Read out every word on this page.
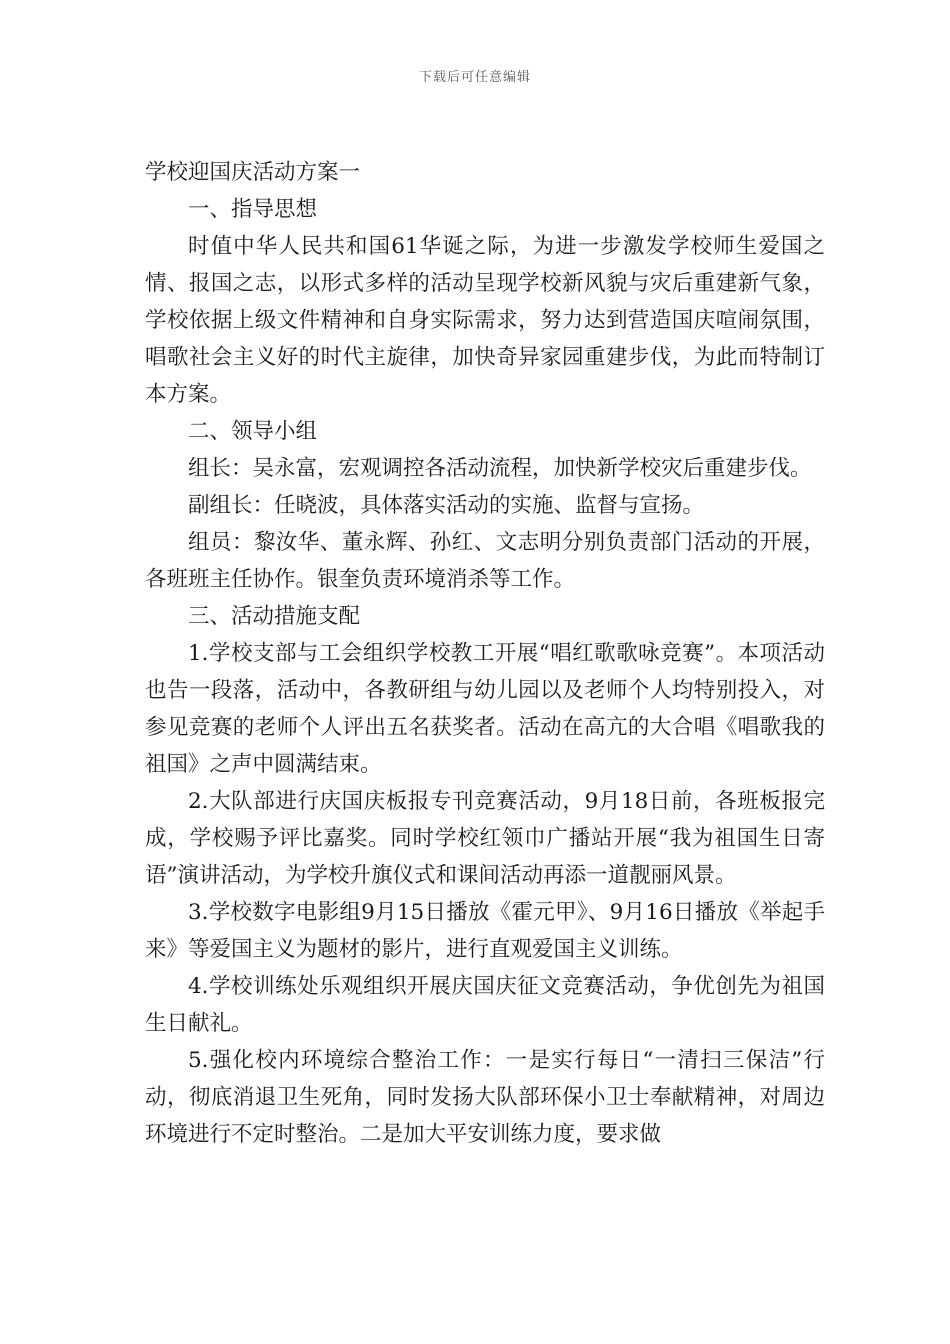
下载后可任意编辑

学校迎国庆活动方案一

一、指导思想

时值中华人民共和国61华诞之际，为进一步激发学校师生爱国之情、报国之志，以形式多样的活动呈现学校新风貌与灾后重建新气象，学校依据上级文件精神和自身实际需求，努力达到营造国庆喧闹氛围，唱歌社会主义好的时代主旋律，加快奇异家园重建步伐，为此而特制订本方案。

二、领导小组

组长：吴永富，宏观调控各活动流程，加快新学校灾后重建步伐。

副组长：任晓波，具体落实活动的实施、监督与宣扬。

组员：黎汝华、董永辉、孙红、文志明分别负责部门活动的开展，各班班主任协作。银奎负责环境消杀等工作。

三、活动措施支配

1.学校支部与工会组织学校教工开展“唱红歌歌咏竞赛”。本项活动也告一段落，活动中，各教研组与幼儿园以及老师个人均特别投入，对参见竞赛的老师个人评出五名获奖者。活动在高亢的大合唱《唱歌我的祖国》之声中圆满结束。

2.大队部进行庆国庆板报专刊竞赛活动，9月18日前，各班板报完成，学校赐予评比嘉奖。同时学校红领巾广播站开展“我为祖国生日寄语”演讲活动，为学校升旗仪式和课间活动再添一道靓丽风景。

3.学校数字电影组9月15日播放《霍元甲》、9月16日播放《举起手来》等爱国主义为题材的影片，进行直观爱国主义训练。

4.学校训练处乐观组织开展庆国庆征文竞赛活动，争优创先为祖国生日献礼。

5.强化校内环境综合整治工作：一是实行每日“一清扫三保洁”行动，彻底消退卫生死角，同时发扬大队部环保小卫士奉献精神，对周边环境进行不定时整治。二是加大平安训练力度，要求做
